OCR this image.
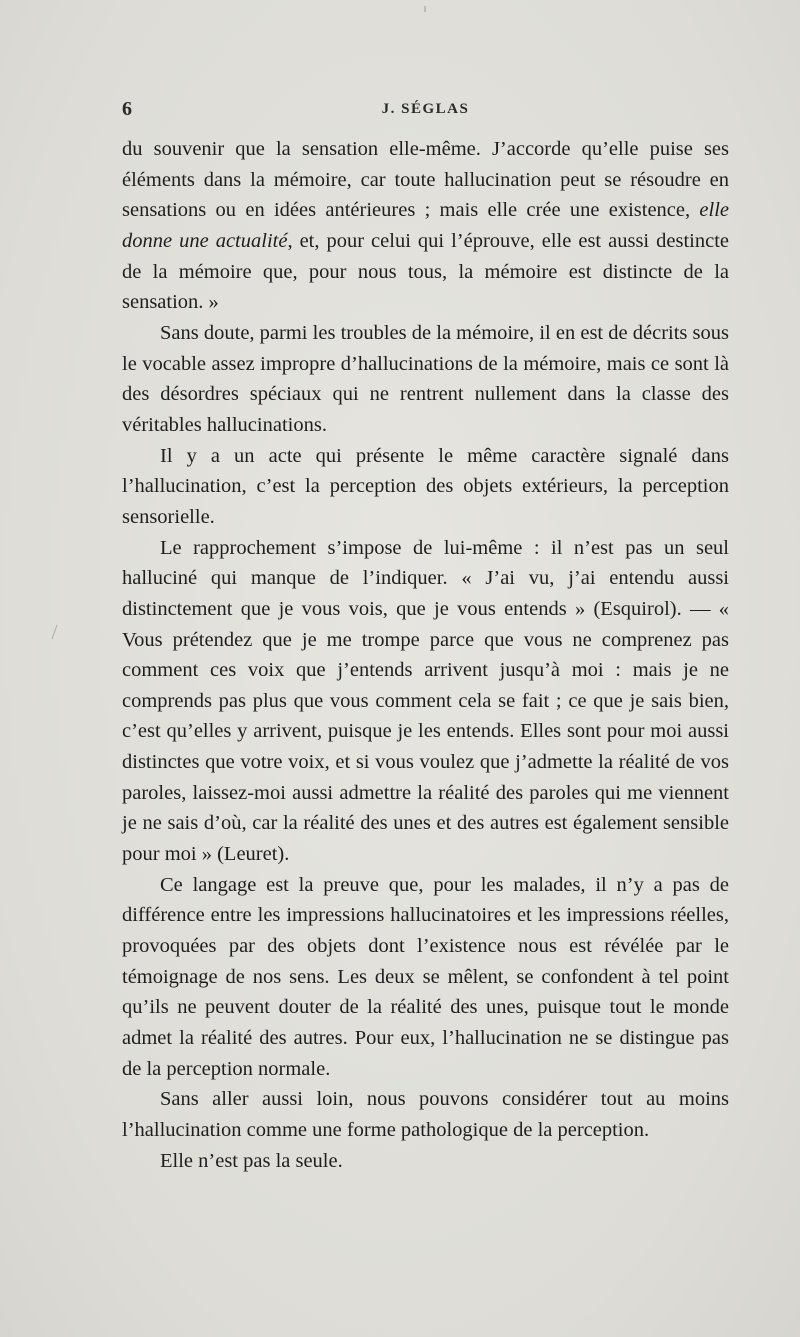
6	J. SÉGLAS

du souvenir que la sensation elle-même. J’accorde qu’elle puise ses éléments dans la mémoire, car toute hallucination peut se résoudre en sensations ou en idées antérieures ; mais elle crée une existence, elle donne une actualité, et, pour celui qui l’éprouve, elle est aussi destincte de la mémoire que, pour nous tous, la mémoire est distincte de la sensation. »

Sans doute, parmi les troubles de la mémoire, il en est de décrits sous le vocable assez impropre d’hallucinations de la mémoire, mais ce sont là des désordres spéciaux qui ne rentrent nullement dans la classe des véritables hallucinations.

Il y a un acte qui présente le même caractère signalé dans l’hallucination, c’est la perception des objets extérieurs, la perception sensorielle.

Le rapprochement s’impose de lui-même : il n’est pas un seul halluciné qui manque de l’indiquer. « J’ai vu, j’ai entendu aussi distinctement que je vous vois, que je vous entends » (Esquirol). — « Vous prétendez que je me trompe parce que vous ne comprenez pas comment ces voix que j’entends arrivent jusqu’à moi : mais je ne comprends pas plus que vous comment cela se fait ; ce que je sais bien, c’est qu’elles y arrivent, puisque je les entends. Elles sont pour moi aussi distinctes que votre voix, et si vous voulez que j’admette la réalité de vos paroles, laissez-moi aussi admettre la réalité des paroles qui me viennent je ne sais d’où, car la réalité des unes et des autres est également sensible pour moi » (Leuret).

Ce langage est la preuve que, pour les malades, il n’y a pas de différence entre les impressions hallucinatoires et les impressions réelles, provoquées par des objets dont l’existence nous est révélée par le témoignage de nos sens. Les deux se mêlent, se confondent à tel point qu’ils ne peuvent douter de la réalité des unes, puisque tout le monde admet la réalité des autres. Pour eux, l’hallucination ne se distingue pas de la perception normale.

Sans aller aussi loin, nous pouvons considérer tout au moins l’hallucination comme une forme pathologique de la perception.

Elle n’est pas la seule.
